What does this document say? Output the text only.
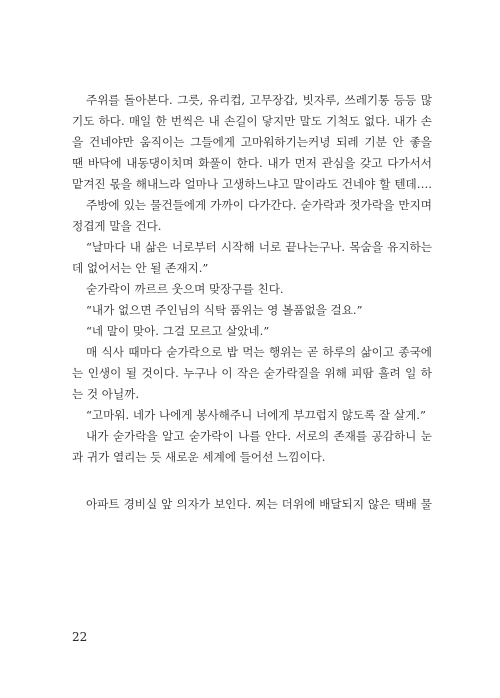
주위를 돌아본다. 그릇, 유리컵, 고무장갑, 빗자루, 쓰레기통 등등 많
기도 하다. 매일 한 번씩은 내 손길이 닿지만 말도 기척도 없다. 내가 손
을 건네야만 움직이는 그들에게 고마워하기는커녕 되레 기분 안 좋을
땐 바닥에 내동댕이치며 화풀이 한다. 내가 먼저 관심을 갖고 다가서서
맡겨진 몫을 해내느라 얼마나 고생하느냐고 말이라도 건네야 할 텐데….
주방에 있는 물건들에게 가까이 다가간다. 숟가락과 젓가락을 만지며
정겹게 말을 건다.
“날마다 내 삶은 너로부터 시작해 너로 끝나는구나. 목숨을 유지하는
데 없어서는 안 될 존재지.”
숟가락이 까르르 웃으며 맞장구를 친다.
“내가 없으면 주인님의 식탁 품위는 영 볼품없을 걸요.”
“네 말이 맞아. 그걸 모르고 살았네.”
매 식사 때마다 숟가락으로 밥 먹는 행위는 곧 하루의 삶이고 종국에
는 인생이 될 것이다. 누구나 이 작은 숟가락질을 위해 피땀 흘려 일 하
는 것 아닐까.
“고마워. 네가 나에게 봉사해주니 너에게 부끄럽지 않도록 잘 살게.”
내가 숟가락을 알고 숟가락이 나를 안다. 서로의 존재를 공감하니 눈
과 귀가 열리는 듯 새로운 세계에 들어선 느낌이다.
아파트 경비실 앞 의자가 보인다. 찌는 더위에 배달되지 않은 택배 물
22
